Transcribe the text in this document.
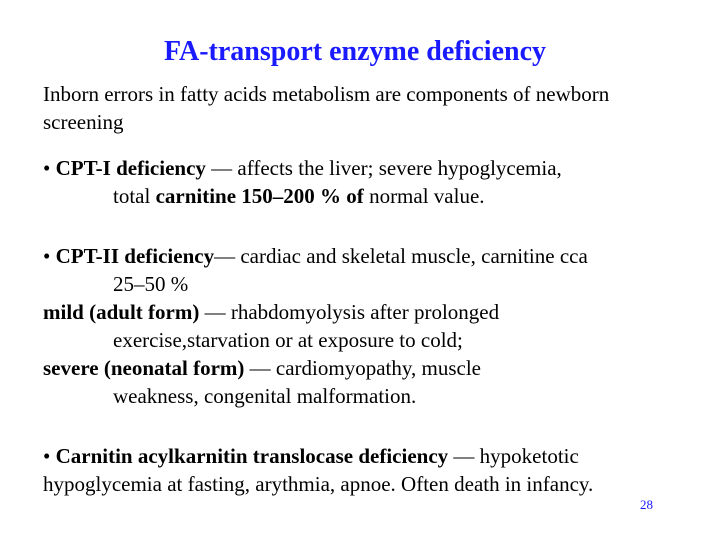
FA-transport enzyme deficiency
Inborn errors in fatty acids metabolism are components of newborn screening

• CPT-I deficiency — affects the liver; severe hypoglycemia,

total carnitine 150–200 % of normal value.

• CPT-II deficiency— cardiac and skeletal muscle, carnitine cca

25–50 %

mild (adult form) — rhabdomyolysis after prolonged

exercise,starvation or at exposure to cold;

severe (neonatal form) — cardiomyopathy, muscle

weakness, congenital malformation.

• Carnitin acylkarnitin translocase deficiency — hypoketotic hypoglycemia at fasting, arythmia, apnoe. Often death in infancy.

28
